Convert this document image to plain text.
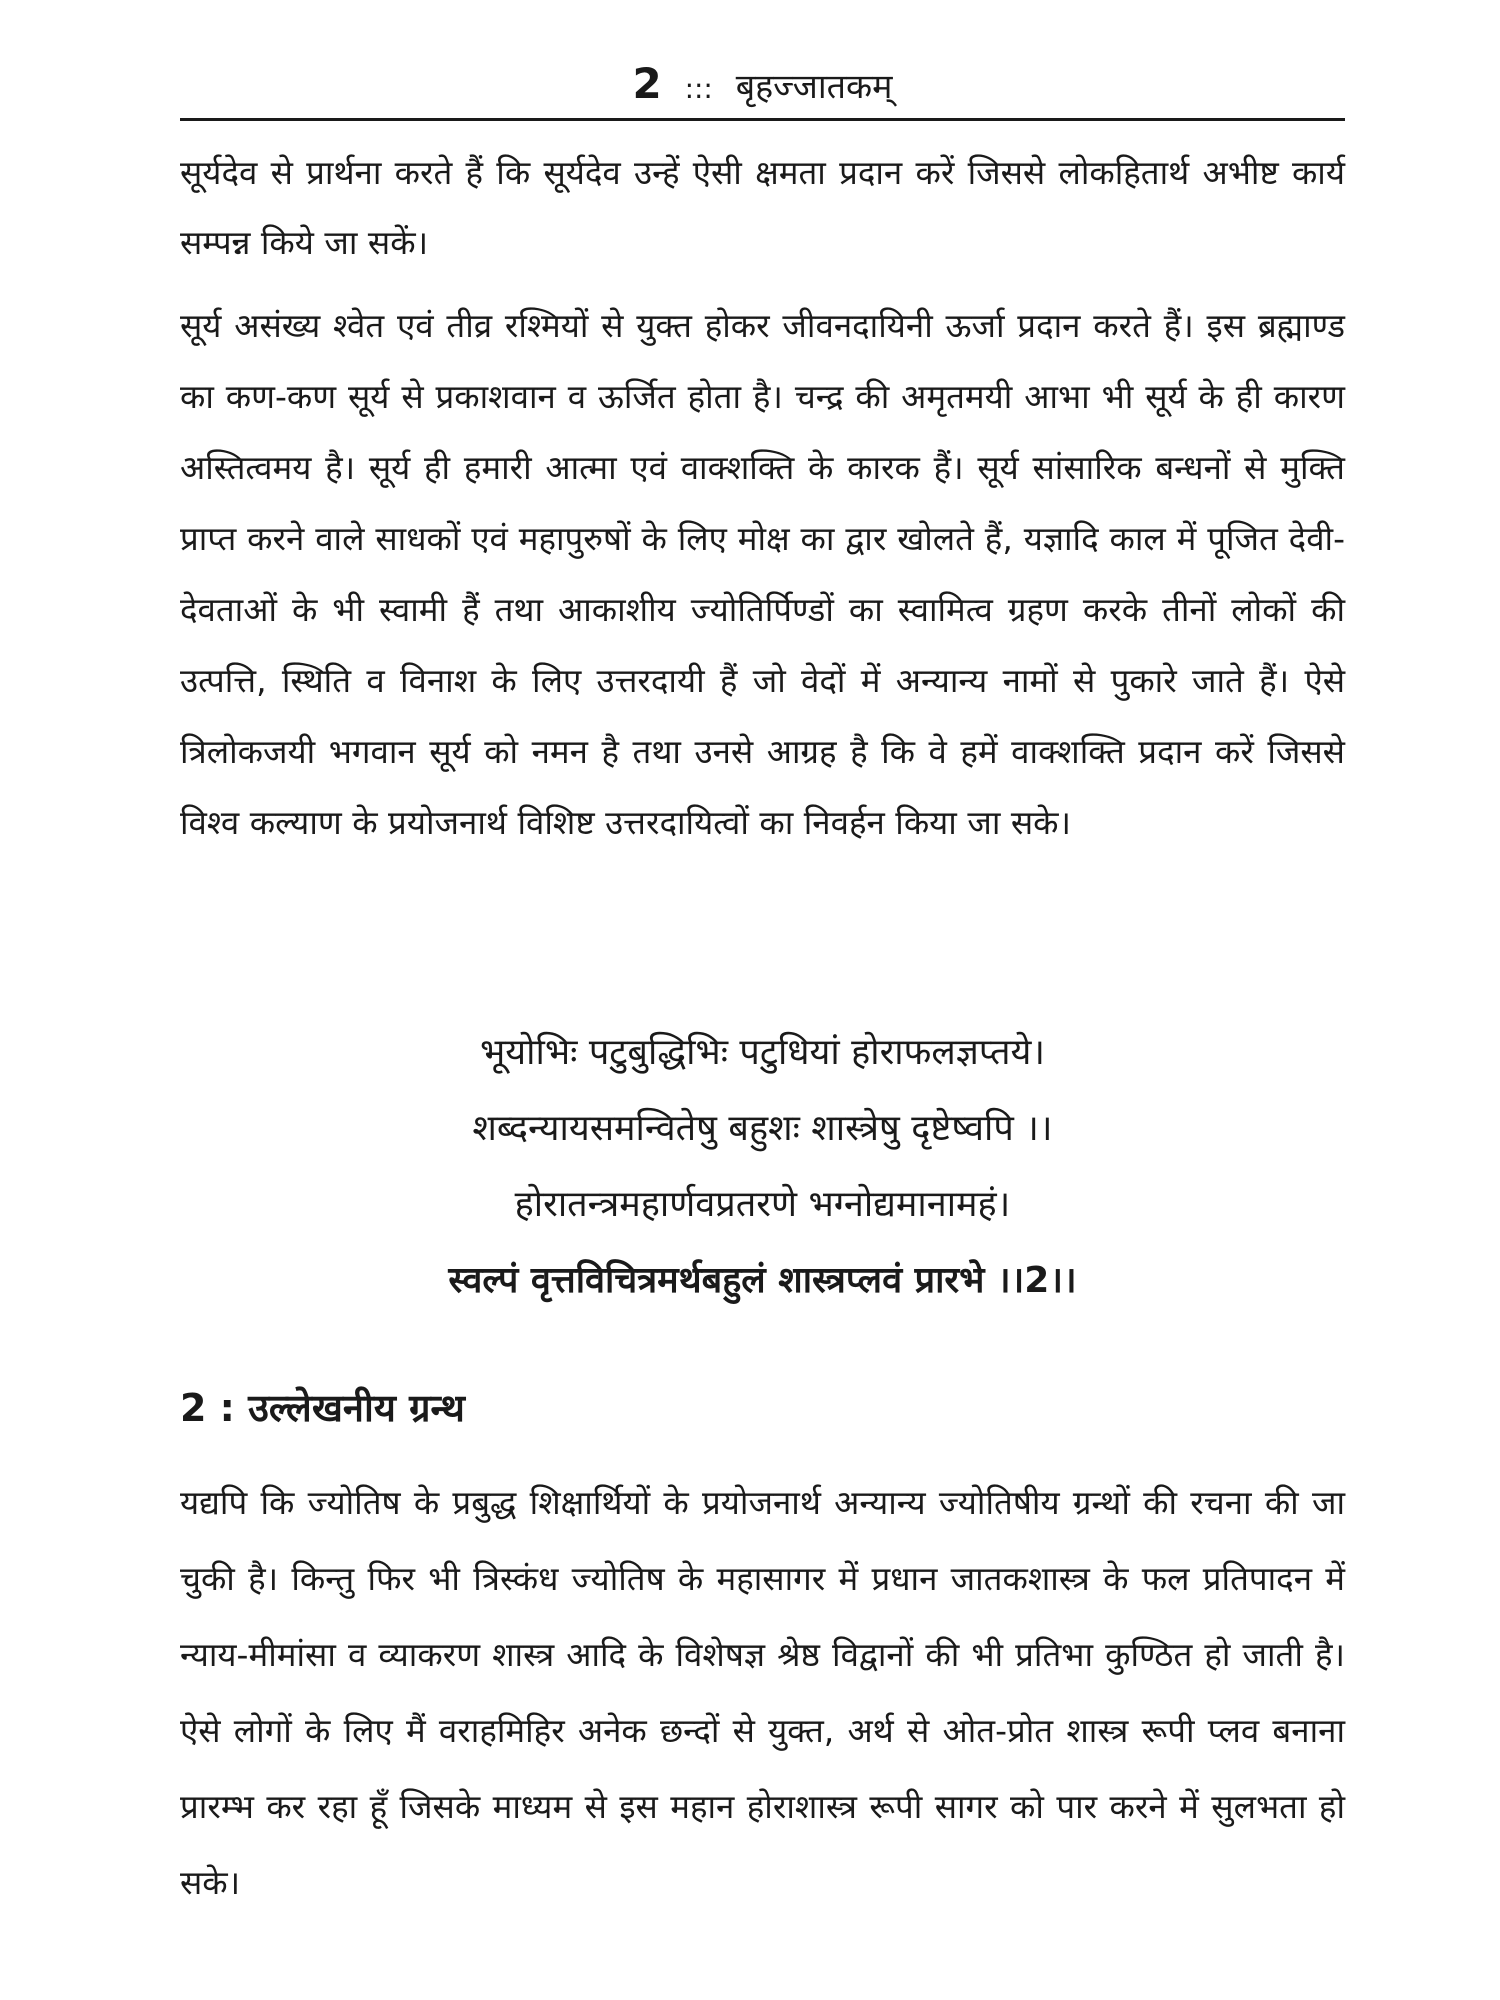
2 ::: बृहज्जातकम्

सूर्यदेव से प्रार्थना करते हैं कि सूर्यदेव उन्हें ऐसी क्षमता प्रदान करें जिससे लोकहितार्थ अभीष्ट कार्य सम्पन्न किये जा सकें।

सूर्य असंख्य श्वेत एवं तीव्र रश्मियों से युक्त होकर जीवनदायिनी ऊर्जा प्रदान करते हैं। इस ब्रह्माण्ड का कण-कण सूर्य से प्रकाशवान व ऊर्जित होता है। चन्द्र की अमृतमयी आभा भी सूर्य के ही कारण अस्तित्वमय है। सूर्य ही हमारी आत्मा एवं वाक्शक्ति के कारक हैं। सूर्य सांसारिक बन्धनों से मुक्ति प्राप्त करने वाले साधकों एवं महापुरुषों के लिए मोक्ष का द्वार खोलते हैं, यज्ञादि काल में पूजित देवी-देवताओं के भी स्वामी हैं तथा आकाशीय ज्योतिर्पिण्डों का स्वामित्व ग्रहण करके तीनों लोकों की उत्पत्ति, स्थिति व विनाश के लिए उत्तरदायी हैं जो वेदों में अन्यान्य नामों से पुकारे जाते हैं। ऐसे त्रिलोकजयी भगवान सूर्य को नमन है तथा उनसे आग्रह है कि वे हमें वाक्शक्ति प्रदान करें जिससे विश्व कल्याण के प्रयोजनार्थ विशिष्ट उत्तरदायित्वों का निवर्हन किया जा सके।

भूयोभिः पटुबुद्धिभिः पटुधियां होराफलज्ञप्तये।
शब्दन्यायसमन्वितेषु बहुशः शास्त्रेषु दृष्टेष्वपि ।।
होरातन्त्रमहार्णवप्रतरणे भग्नोद्यमानामहं।
स्वल्पं वृत्तविचित्रमर्थबहुलं शास्त्रप्लवं प्रारभे ।।2।।
2 : उल्लेखनीय ग्रन्थ

यद्यपि कि ज्योतिष के प्रबुद्ध शिक्षार्थियों के प्रयोजनार्थ अन्यान्य ज्योतिषीय ग्रन्थों की रचना की जा चुकी है। किन्तु फिर भी त्रिस्कंध ज्योतिष के महासागर में प्रधान जातकशास्त्र के फल प्रतिपादन में न्याय-मीमांसा व व्याकरण शास्त्र आदि के विशेषज्ञ श्रेष्ठ विद्वानों की भी प्रतिभा कुण्ठित हो जाती है। ऐसे लोगों के लिए मैं वराहमिहिर अनेक छन्दों से युक्त, अर्थ से ओत-प्रोत शास्त्र रूपी प्लव बनाना प्रारम्भ कर रहा हूँ जिसके माध्यम से इस महान होराशास्त्र रूपी सागर को पार करने में सुलभता हो सके।
